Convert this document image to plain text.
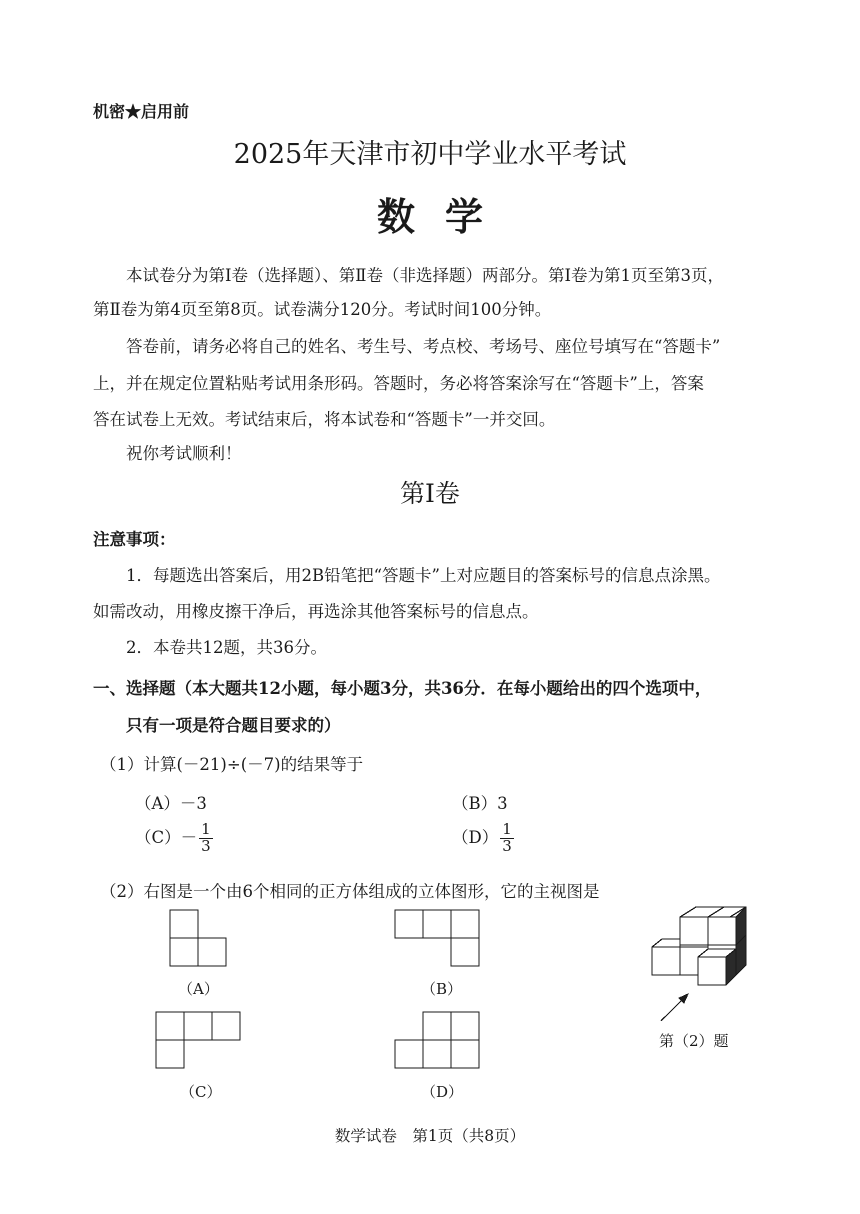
机密★启用前
2025年天津市初中学业水平考试
数学
本试卷分为第Ⅰ卷（选择题）、第Ⅱ卷（非选择题）两部分。第Ⅰ卷为第1页至第3页，
第Ⅱ卷为第4页至第8页。试卷满分120分。考试时间100分钟。
答卷前，请务必将自己的姓名、考生号、考点校、考场号、座位号填写在“答题卡”
上，并在规定位置粘贴考试用条形码。答题时，务必将答案涂写在“答题卡”上，答案
答在试卷上无效。考试结束后，将本试卷和“答题卡”一并交回。
祝你考试顺利！
第Ⅰ卷
注意事项：
1．每题选出答案后，用2B铅笔把“答题卡”上对应题目的答案标号的信息点涂黑。
如需改动，用橡皮擦干净后，再选涂其他答案标号的信息点。
2．本卷共12题，共36分。
一、选择题（本大题共12小题，每小题3分，共36分．在每小题给出的四个选项中，
只有一项是符合题目要求的）
（1）计算(－21)÷(－7)的结果等于
（A）－3	（B）3
$(C)- \frac{1}{3}$	$(D) \frac{1}{3}$
（2）右图是一个由6个相同的正方体组成的立体图形，它的主视图是
（A）	（B）
（C）	（D）
第（2）题
数学试卷　第1页（共8页）
